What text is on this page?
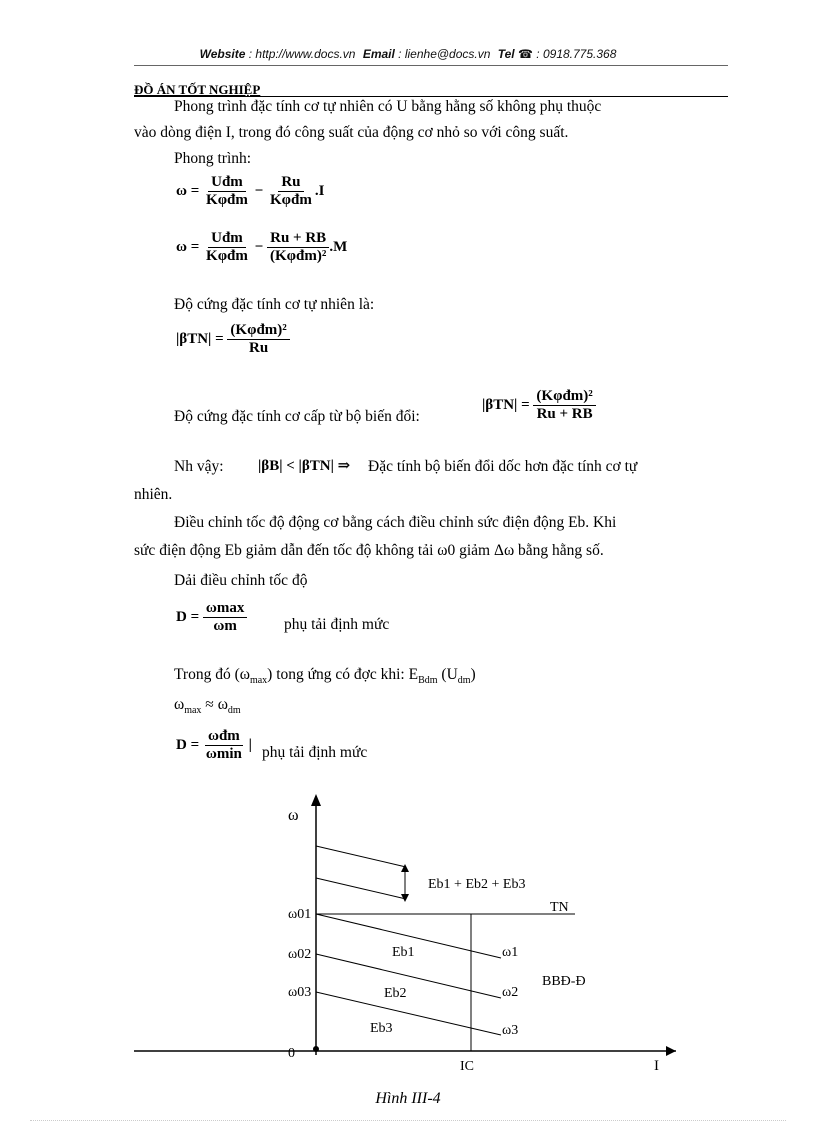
Website : http://www.docs.vn Email : lienhe@docs.vn Tel ☎ : 0918.775.368
ĐỒ ÁN TỐT NGHIỆP
Phong trình đặc tính cơ tự nhiên có U bằng hằng số không phụ thuộc
vào dòng điện I, trong đó công suất của động cơ nhỏ so với công suất.
Phong trình:
$\omega = \frac{\text{Uđm}}{\text{Kφđm}} - \frac{Ru}{\text{Kφđm}} .I$
$\omega = \frac{\text{Uđm}}{\text{Kφđm}} - \frac{Ru + RB}{\text{(Kφđm)²}} .M$
Độ cứng đặc tính cơ tự nhiên là:
$|\beta TN| = \frac{\text{(Kφđm)²}}{Ru}$
Độ cứng đặc tính cơ cấp từ bộ biến đổi:
$|\beta TN| = \frac{\text{(Kφđm)²}}{Ru + RB}$
Nh vậy: |βB| < |βTN| ⇒ Đặc tính bộ biến đổi dốc hơn đặc tính cơ tự
nhiên.
Điều chỉnh tốc độ động cơ bằng cách điều chỉnh sức điện động Eb. Khi
sức điện động Eb giảm dẫn đến tốc độ không tải ω0 giảm Δω bằng hằng số.
Dải điều chỉnh tốc độ
$D = \frac{\omega\max}{\omega m}$ phụ tải định mức
Trong đó $(\omega_{max})$ tong ứng có đợc khi: $E_{Bdm}$ $(U_{dm})$
$\omega_{max} \approx \omega_{dm}$
$D = \frac{\text{ωđm}}{\omega\min}$ | phụ tải định mức
ω
I
0
IC
ω01
ω02
ω03
ω1
ω2
ω3
TN
BBĐ-Đ
Eb1
Eb2
Eb3
Eb1 + Eb2 + Eb3
Hình III-4
